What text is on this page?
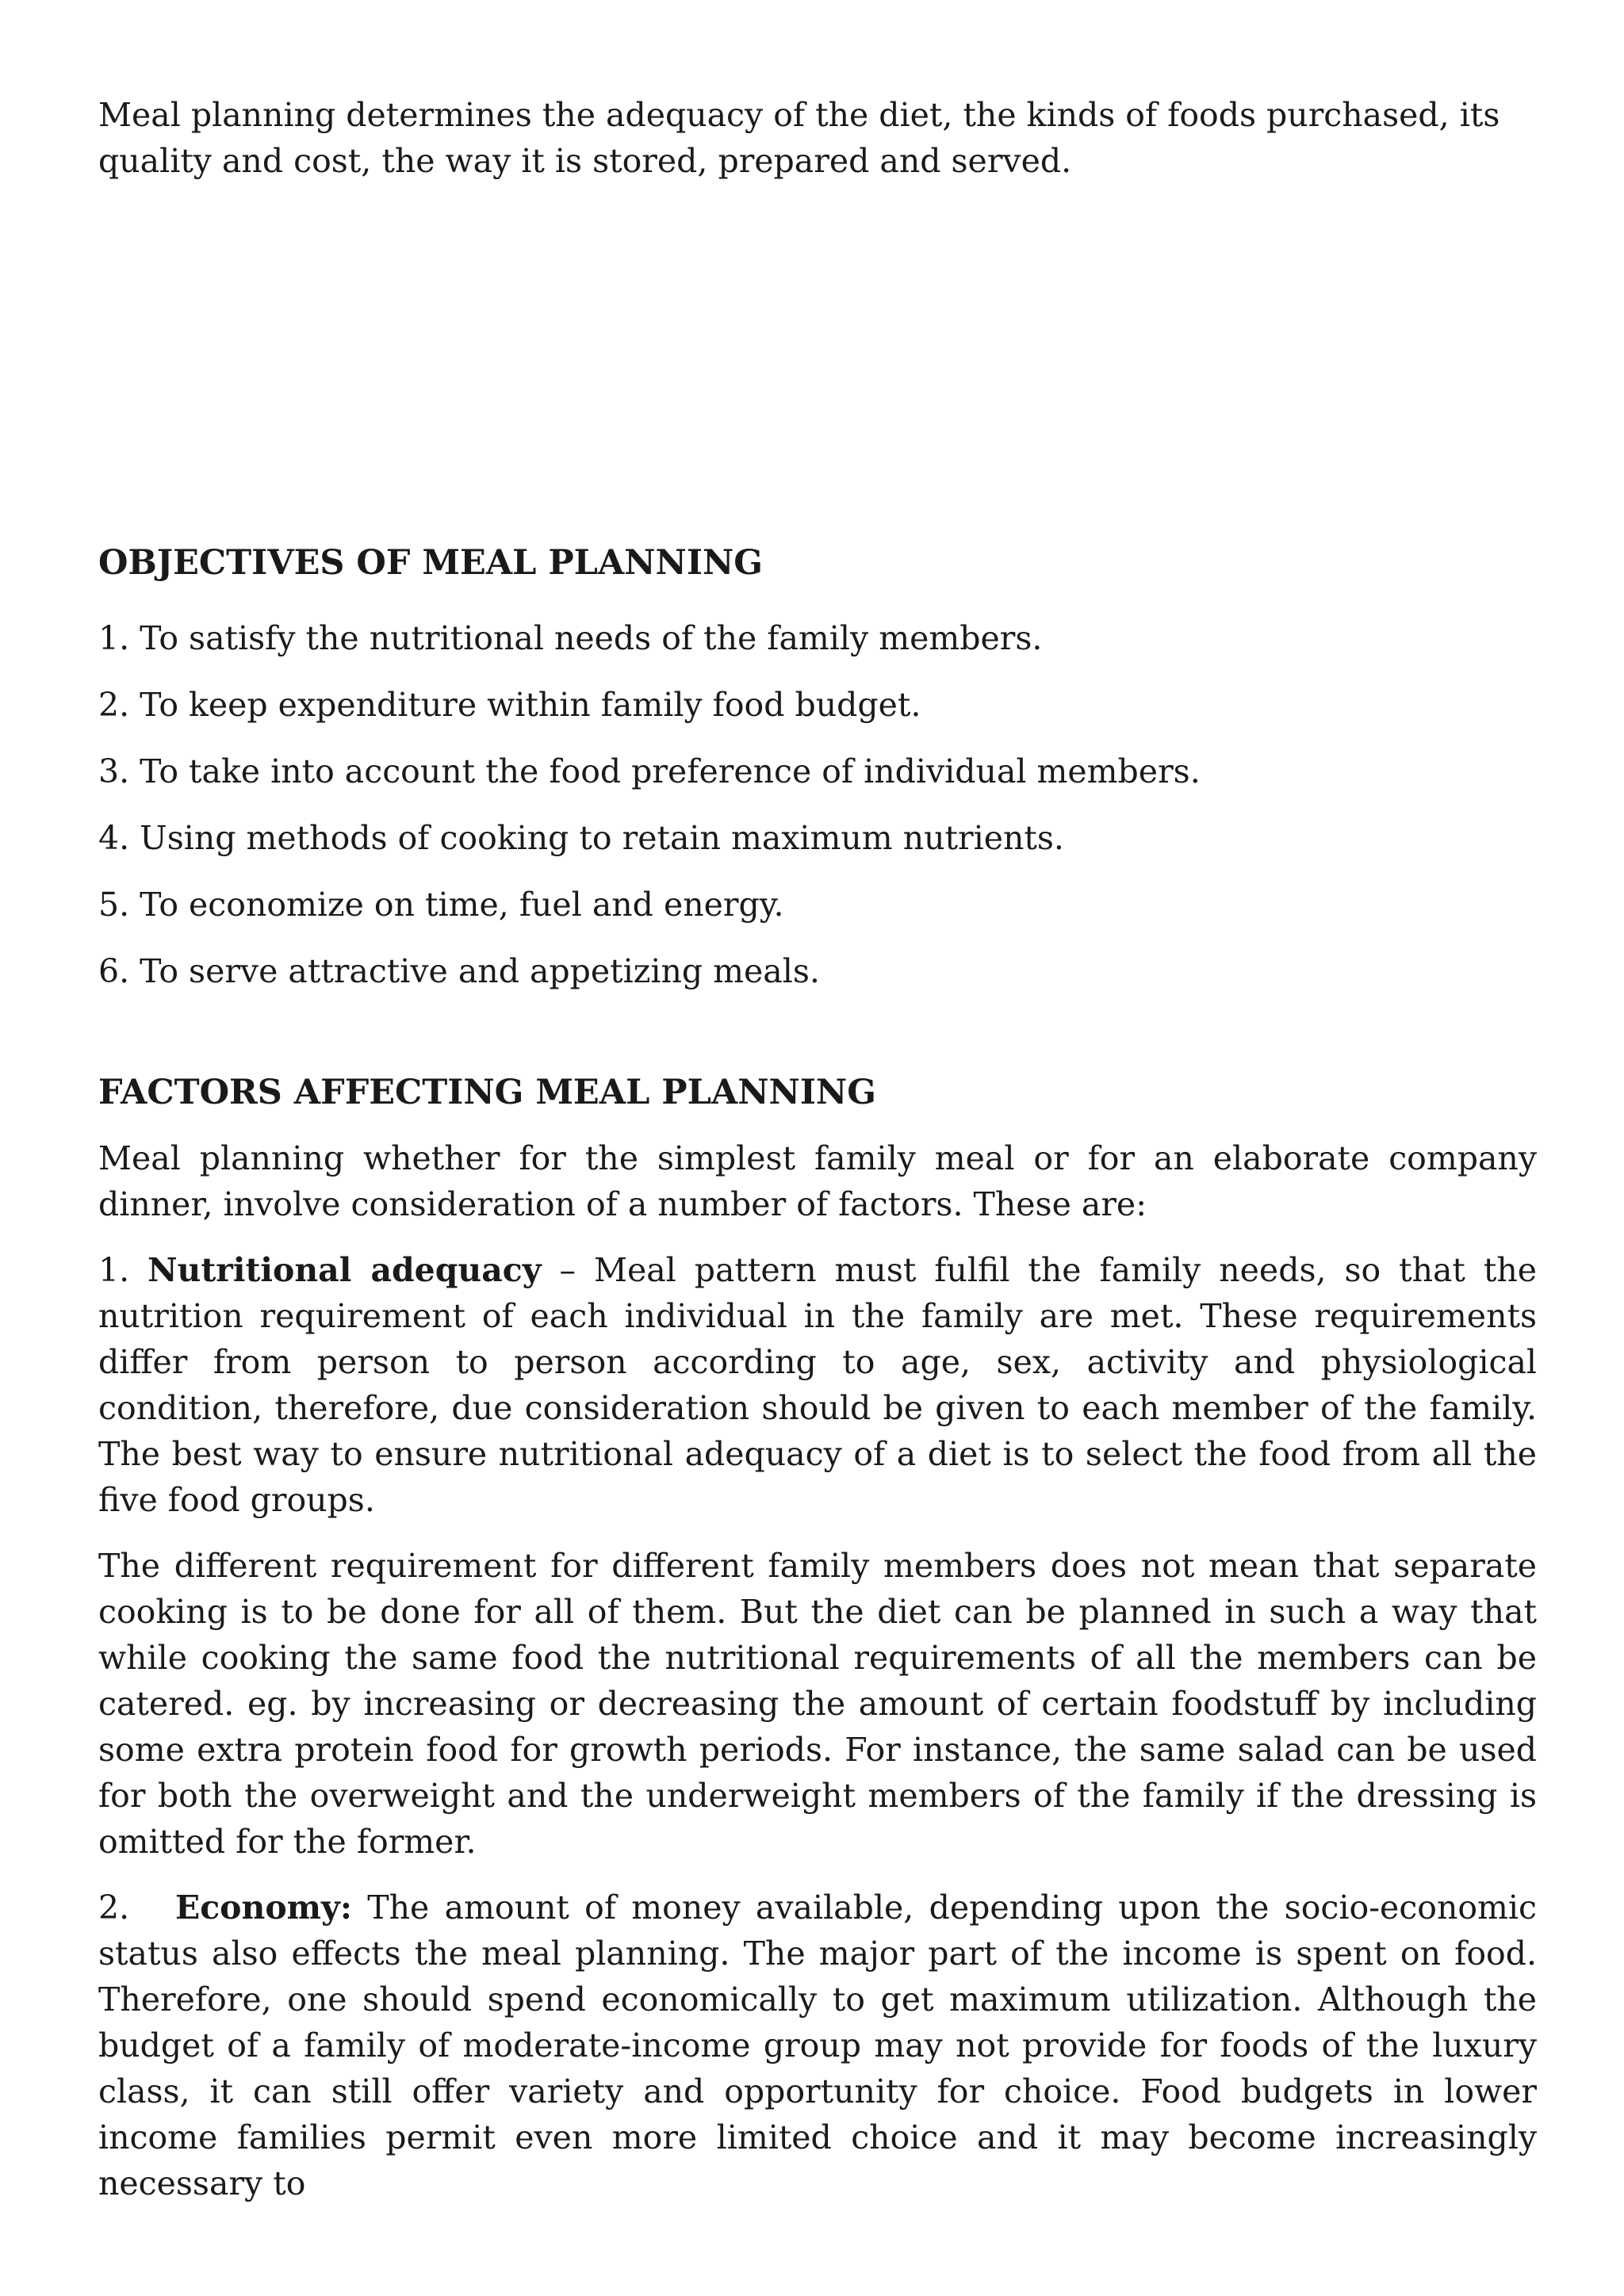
Meal planning determines the adequacy of the diet, the kinds of foods purchased, its quality and cost, the way it is stored, prepared and served.

OBJECTIVES OF MEAL PLANNING

1. To satisfy the nutritional needs of the family members.

2. To keep expenditure within family food budget.

3. To take into account the food preference of individual members.

4. Using methods of cooking to retain maximum nutrients.

5. To economize on time, fuel and energy.

6. To serve attractive and appetizing meals.

FACTORS AFFECTING MEAL PLANNING

Meal planning whether for the simplest family meal or for an elaborate company dinner, involve consideration of a number of factors. These are:

1. Nutritional adequacy – Meal pattern must fulfil the family needs, so that the nutrition requirement of each individual in the family are met. These requirements differ from person to person according to age, sex, activity and physiological condition, therefore, due consideration should be given to each member of the family. The best way to ensure nutritional adequacy of a diet is to select the food from all the five food groups.

The different requirement for different family members does not mean that separate cooking is to be done for all of them. But the diet can be planned in such a way that while cooking the same food the nutritional requirements of all the members can be catered. eg. by increasing or decreasing the amount of certain foodstuff by including some extra protein food for growth periods. For instance, the same salad can be used for both the overweight and the underweight members of the family if the dressing is omitted for the former.

2. Economy: The amount of money available, depending upon the socio-economic status also effects the meal planning. The major part of the income is spent on food. Therefore, one should spend economically to get maximum utilization. Although the budget of a family of moderate-income group may not provide for foods of the luxury class, it can still offer variety and opportunity for choice. Food budgets in lower income families permit even more limited choice and it may become increasingly necessary to
